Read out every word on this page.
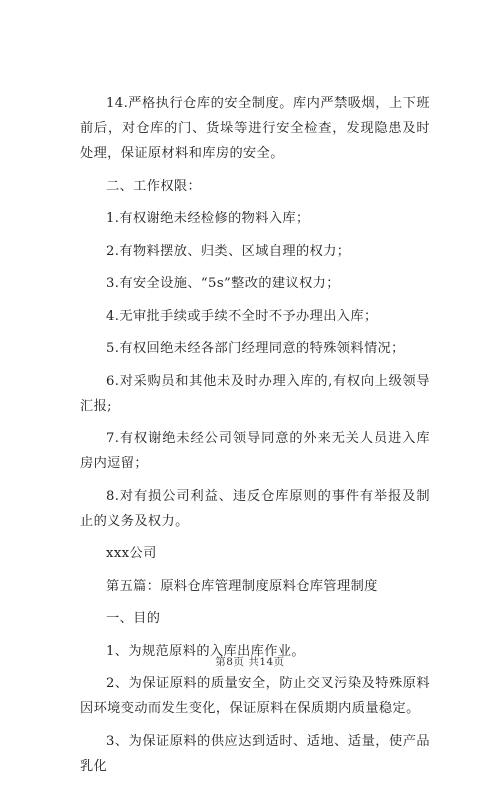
14.严格执行仓库的安全制度。库内严禁吸烟，上下班前后，对仓库的门、货垛等进行安全检查，发现隐患及时处理，保证原材料和库房的安全。

二、工作权限：

1.有权谢绝未经检修的物料入库；

2.有物料摆放、归类、区域自理的权力；

3.有安全设施、“5s”整改的建议权力；

4.无审批手续或手续不全时不予办理出入库；

5.有权回绝未经各部门经理同意的特殊领料情况；

6.对采购员和其他未及时办理入库的,有权向上级领导汇报;

7.有权谢绝未经公司领导同意的外来无关人员进入库房内逗留；

8.对有损公司利益、违反仓库原则的事件有举报及制止的义务及权力。

xxx公司

第五篇：原料仓库管理制度原料仓库管理制度

一、目的

1、为规范原料的入库出库作业。

2、为保证原料的质量安全，防止交叉污染及特殊原料因环境变动而发生变化，保证原料在保质期内质量稳定。

3、为保证原料的供应达到适时、适地、适量，使产品乳化

第8页 共14页
